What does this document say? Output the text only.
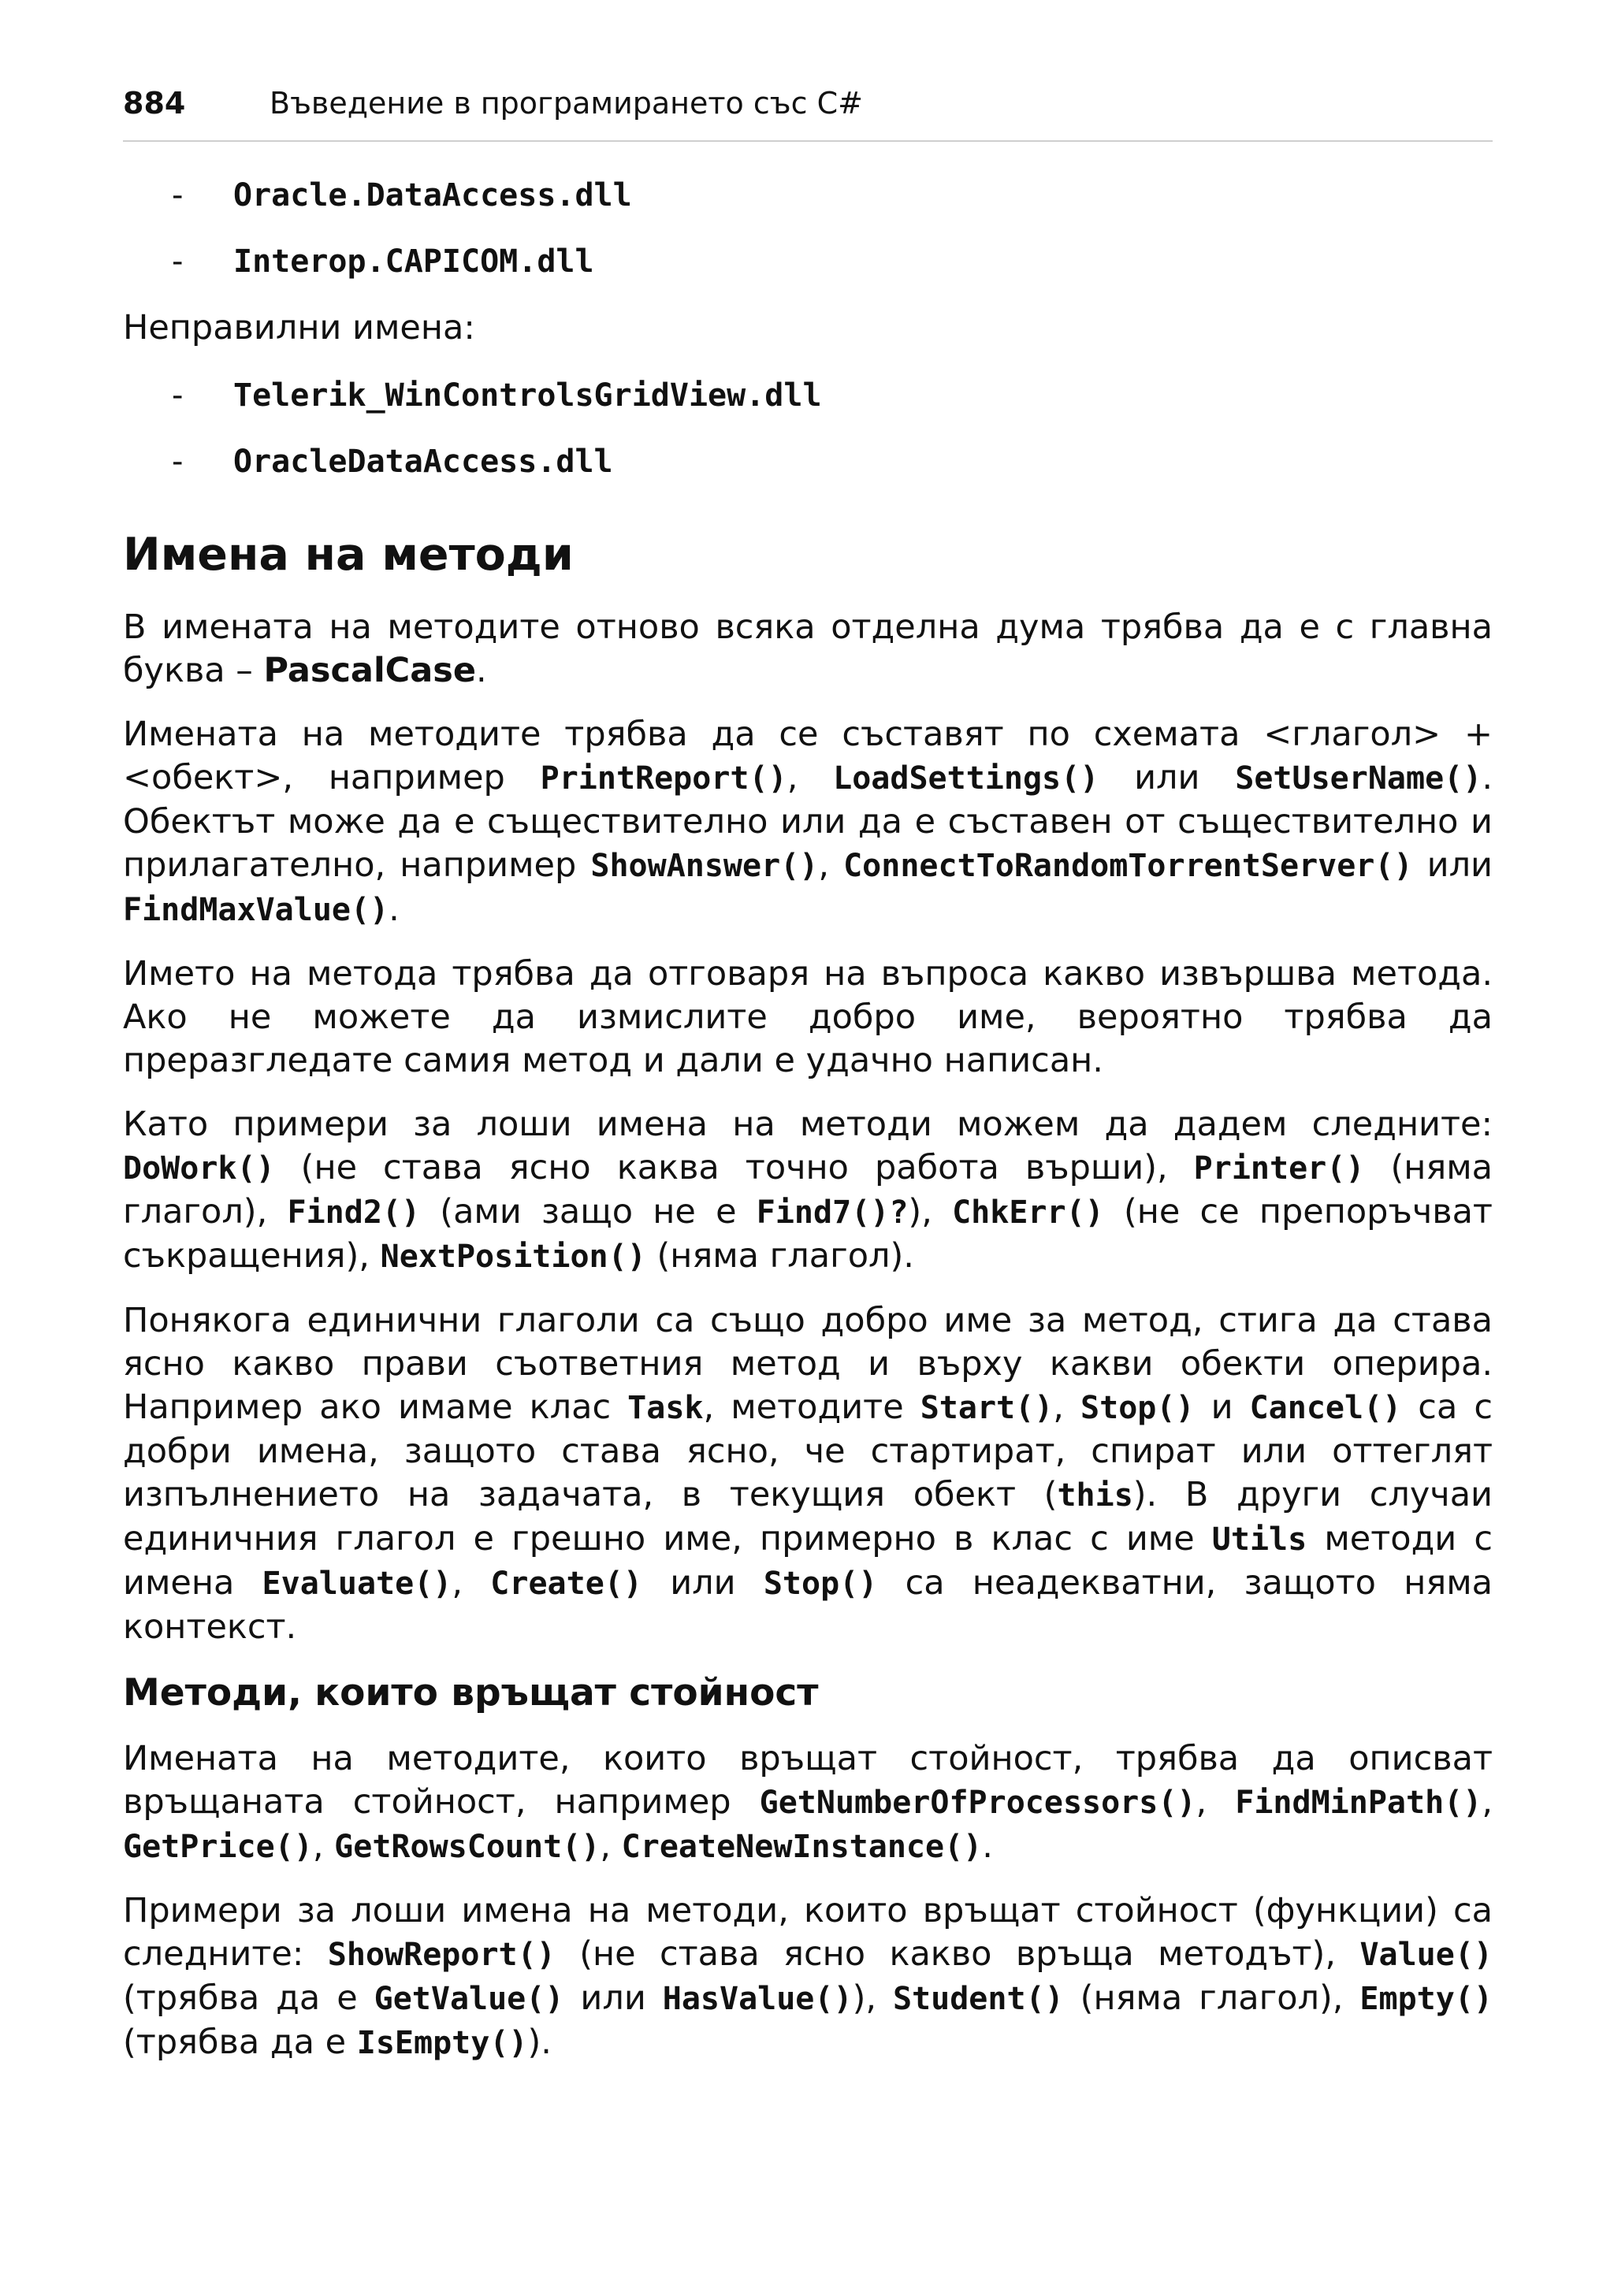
884	Въведение в програмирането със C#
- Oracle.DataAccess.dll
- Interop.CAPICOM.dll

Неправилни имена:

- Telerik_WinControlsGridView.dll
- OracleDataAccess.dll
Имена на методи

В имената на методите отново всяка отделна дума трябва да е с главна буква – PascalCase.

Имената на методите трябва да се съставят по схемата <глагол> + <обект>, например PrintReport(), LoadSettings() или SetUserName(). Обектът може да е съществително или да е съставен от съществително и прилагателно, например ShowAnswer(), ConnectToRandomTorrentServer() или FindMaxValue().

Името на метода трябва да отговаря на въпроса какво извършва метода. Ако не можете да измислите добро име, вероятно трябва да преразгледате самия метод и дали е удачно написан.

Като примери за лоши имена на методи можем да дадем следните: DoWork() (не става ясно каква точно работа върши), Printer() (няма глагол), Find2() (ами защо не е Find7()?), ChkErr() (не се препоръчват съкращения), NextPosition() (няма глагол).

Понякога единични глаголи са също добро име за метод, стига да става ясно какво прави съответния метод и върху какви обекти оперира. Например ако имаме клас Task, методите Start(), Stop() и Cancel() са с добри имена, защото става ясно, че стартират, спират или оттеглят изпълнението на задачата, в текущия обект (this). В други случаи единичния глагол е грешно име, примерно в клас с име Utils методи с имена Evaluate(), Create() или Stop() са неадекватни, защото няма контекст.

Методи, които връщат стойност

Имената на методите, които връщат стойност, трябва да описват връщаната стойност, например GetNumberOfProcessors(), FindMinPath(), GetPrice(), GetRowsCount(), CreateNewInstance().

Примери за лоши имена на методи, които връщат стойност (функции) са следните: ShowReport() (не става ясно какво връща методът), Value() (трябва да е GetValue() или HasValue()), Student() (няма глагол), Empty() (трябва да е IsEmpty()).
